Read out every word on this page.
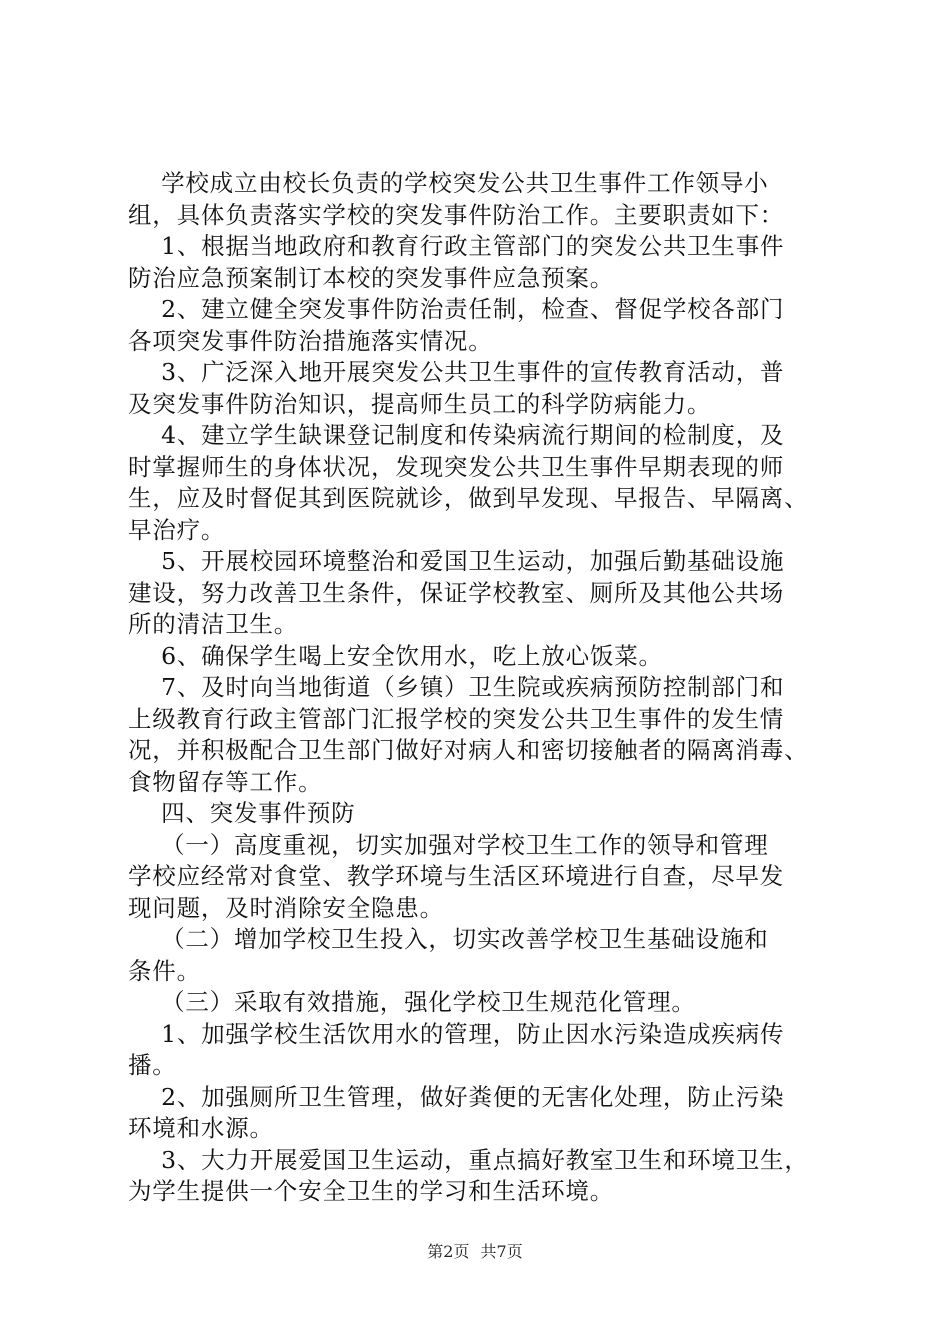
学校成立由校长负责的学校突发公共卫生事件工作领导小
组，具体负责落实学校的突发事件防治工作。主要职责如下：
1、根据当地政府和教育行政主管部门的突发公共卫生事件
防治应急预案制订本校的突发事件应急预案。
2、建立健全突发事件防治责任制，检查、督促学校各部门
各项突发事件防治措施落实情况。
3、广泛深入地开展突发公共卫生事件的宣传教育活动，普
及突发事件防治知识，提高师生员工的科学防病能力。
4、建立学生缺课登记制度和传染病流行期间的检制度，及
时掌握师生的身体状况，发现突发公共卫生事件早期表现的师
生，应及时督促其到医院就诊，做到早发现、早报告、早隔离、
早治疗。
5、开展校园环境整治和爱国卫生运动，加强后勤基础设施
建设，努力改善卫生条件，保证学校教室、厕所及其他公共场
所的清洁卫生。
6、确保学生喝上安全饮用水，吃上放心饭菜。
7、及时向当地街道（乡镇）卫生院或疾病预防控制部门和
上级教育行政主管部门汇报学校的突发公共卫生事件的发生情
况，并积极配合卫生部门做好对病人和密切接触者的隔离消毒、
食物留存等工作。
四、突发事件预防
（一）高度重视，切实加强对学校卫生工作的领导和管理
学校应经常对食堂、教学环境与生活区环境进行自查，尽早发
现问题，及时消除安全隐患。
（二）增加学校卫生投入，切实改善学校卫生基础设施和
条件。
（三）采取有效措施，强化学校卫生规范化管理。
1、加强学校生活饮用水的管理，防止因水污染造成疾病传
播。
2、加强厕所卫生管理，做好粪便的无害化处理，防止污染
环境和水源。
3、大力开展爱国卫生运动，重点搞好教室卫生和环境卫生，
为学生提供一个安全卫生的学习和生活环境。
第2页 共7页
